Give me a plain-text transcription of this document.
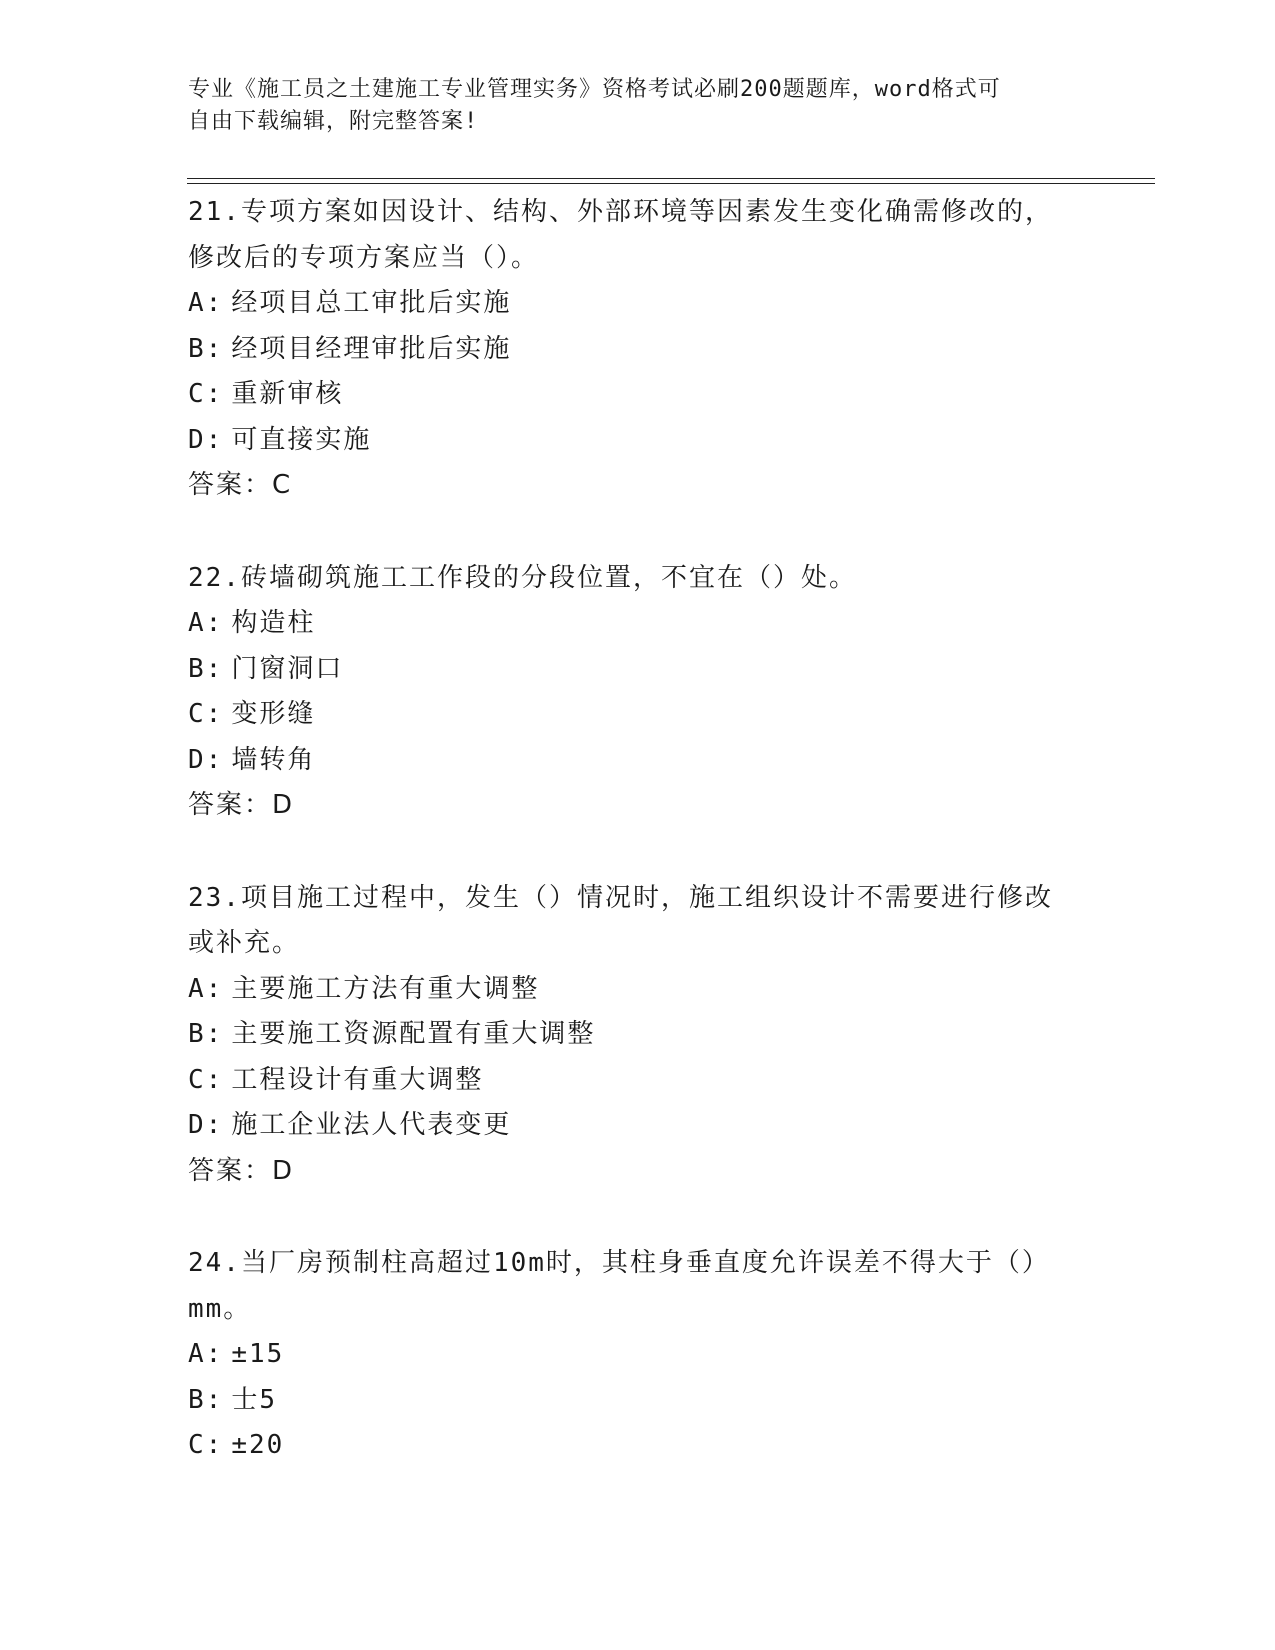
专业《施工员之土建施工专业管理实务》资格考试必刷200题题库，word格式可

自由下载编辑，附完整答案!

21.专项方案如因设计、结构、外部环境等因素发生变化确需修改的，

修改后的专项方案应当（）。

A: 经项目总工审批后实施

B: 经项目经理审批后实施

C: 重新审核

D: 可直接实施

答案：C

22.砖墙砌筑施工工作段的分段位置，不宜在（）处。

A: 构造柱

B: 门窗洞口

C: 变形缝

D: 墙转角

答案：D

23.项目施工过程中，发生（）情况时，施工组织设计不需要进行修改

或补充。

A: 主要施工方法有重大调整

B: 主要施工资源配置有重大调整

C: 工程设计有重大调整

D: 施工企业法人代表变更

答案：D

24.当厂房预制柱高超过10m时，其柱身垂直度允许误差不得大于（）

mm。

A: ±15

B: 士5

C: ±20
